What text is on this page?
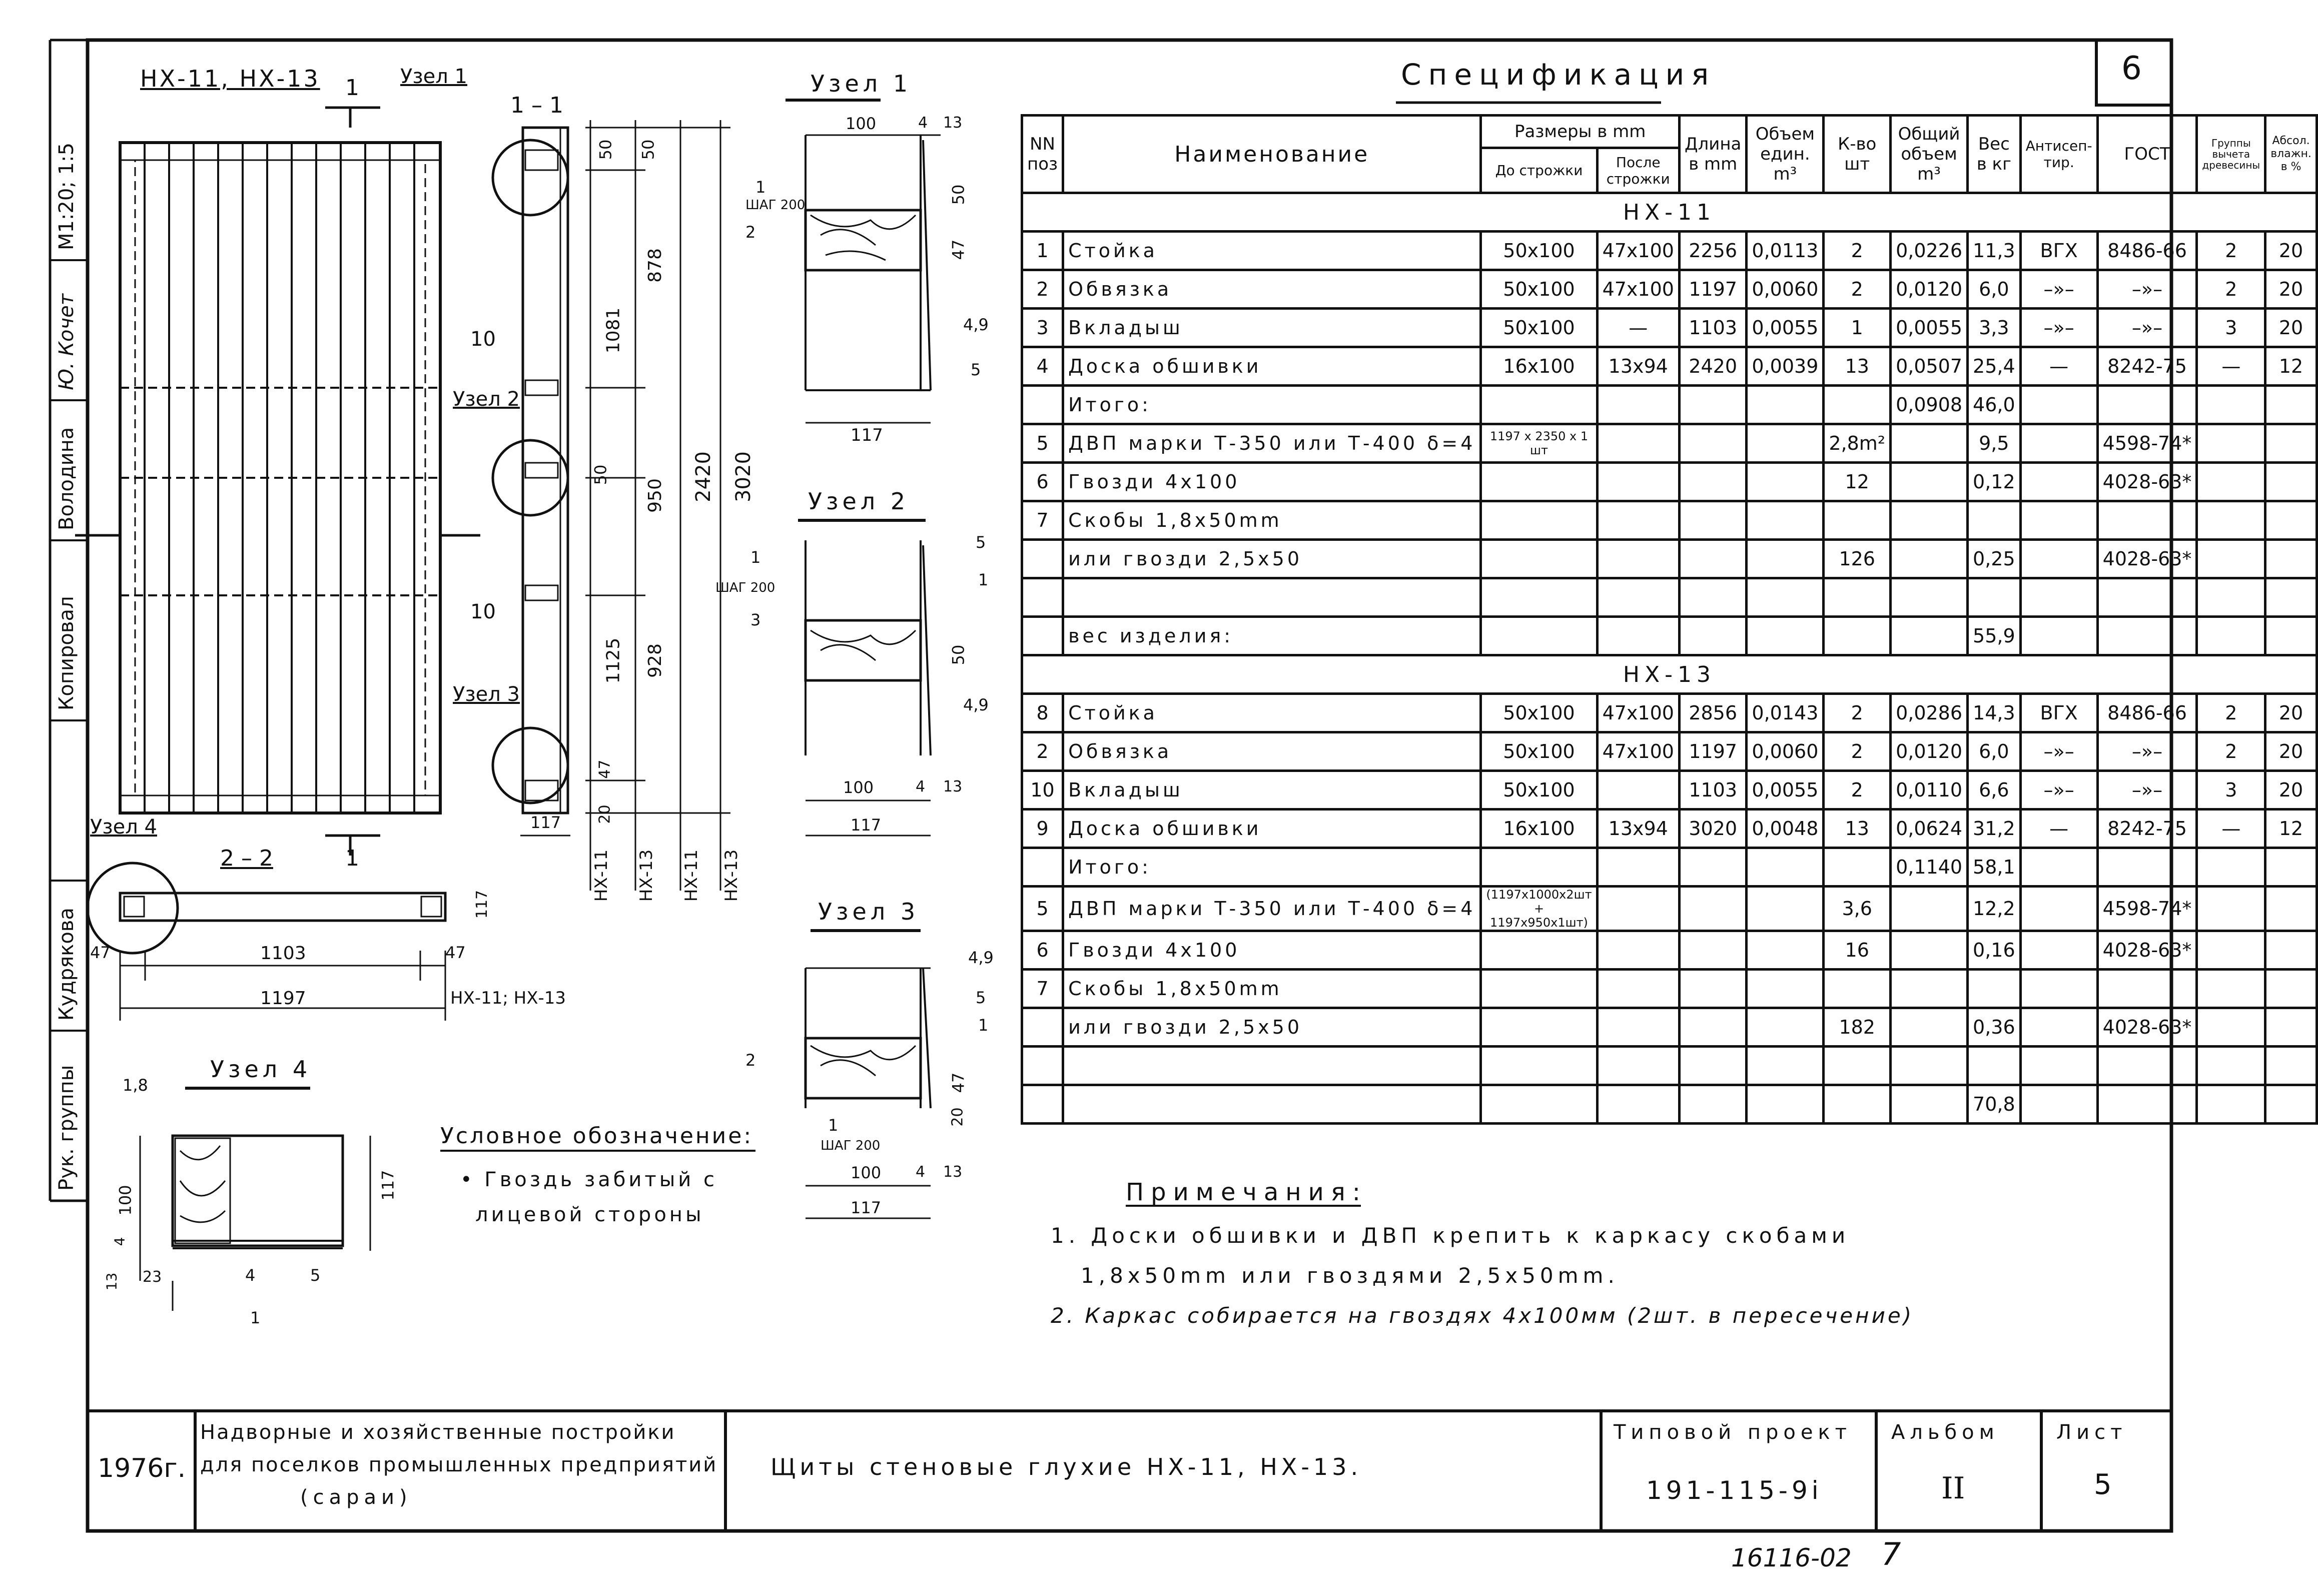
Рук. группы
Кудрякова
Копировал
Володина
М1:20; 1:5
Ю. Кочет
6
НХ-11, НХ-13 1
1
1 – 1
Узел 1
Узел 2
Узел 3
Узел 4
10
10
2 – 2
50 50
878
1081
50
950 2420 3020
1125 928
47
20
117
НХ-11 НХ-13 НХ-11 НХ-13
47	1103	47
1197	НХ-11; НХ-13
117
Узел 1
100	4 13
50
47
4,9
117
1
ШАГ 200
2
5
Узел 2
1
ШАГ 200
3
5
1
50
4,9
100	4 13
117
Узел 3
2
4,9
5
1
1
ШАГ 200
47
20
100 4 13
117
Узел 4
1,8
4	5
1
117
100
4
13 23
Условное обозначение:
• Гвоздь забитый с
лицевой стороны
Спецификация
NN поз	Наименование	Размеры в mm		Длина в mm	Объем един. m³	К-во шт	Общий объем m³	Вес в кг	Антисеп-тир.	ГОСТ	Группы вычета древесины	Абсол. влажн. в %
		До строжки	После строжки									
НХ-11												
1	Стойка	50х100	47х100	2256	0,0113	2	0,0226	11,3	ВГХ	8486-66	2	20
2	Обвязка	50х100	47х100	1197	0,0060	2	0,0120	6,0	–»–	–»–	2	20
3	Вкладыш	50х100	—	1103	0,0055	1	0,0055	3,3	–»–	–»–	3	20
4	Доска обшивки	16х100	13х94	2420	0,0039	13	0,0507	25,4	—	8242-75	—	12
	Итого:						0,0908	46,0				
5	ДВП марки Т-350 или Т-400 δ=4	1197 х 2350 х 1 шт				2,8m²		9,5		4598-74*		
6	Гвозди 4х100					12		0,12		4028-63*		
7	Скобы 1,8х50mm											
	или гвозди 2,5х50					126		0,25		4028-63*		

	вес изделия:							55,9				
НХ-13												
8	Стойка	50х100	47х100	2856	0,0143	2	0,0286	14,3	ВГХ	8486-66	2	20
2	Обвязка	50х100	47х100	1197	0,0060	2	0,0120	6,0	–»–	–»–	2	20
10	Вкладыш	50х100		1103	0,0055	2	0,0110	6,6	–»–	–»–	3	20
9	Доска обшивки	16х100	13х94	3020	0,0048	13	0,0624	31,2	—	8242-75	—	12
	Итого:						0,1140	58,1				
5	ДВП марки Т-350 или Т-400 δ=4	(1197х1000х2шт + 1197х950х1шт)				3,6		12,2		4598-74*		
6	Гвозди 4х100					16		0,16		4028-63*		
7	Скобы 1,8х50mm											
	или гвозди 2,5х50					182		0,36		4028-63*		

								70,8				
Примечания:
1. Доски обшивки и ДВП крепить к каркасу скобами
1,8х50mm или гвоздями 2,5х50mm.
2. Каркас собирается на гвоздях 4х100мм (2шт. в пересечение)
1976г.
Надворные и хозяйственные постройки
для поселков промышленных предприятий
(сараи)
Щиты стеновые глухие НХ-11, НХ-13.
Типовой проект
191-115-9і
Альбом
II
Лист
5
16116-02 7
